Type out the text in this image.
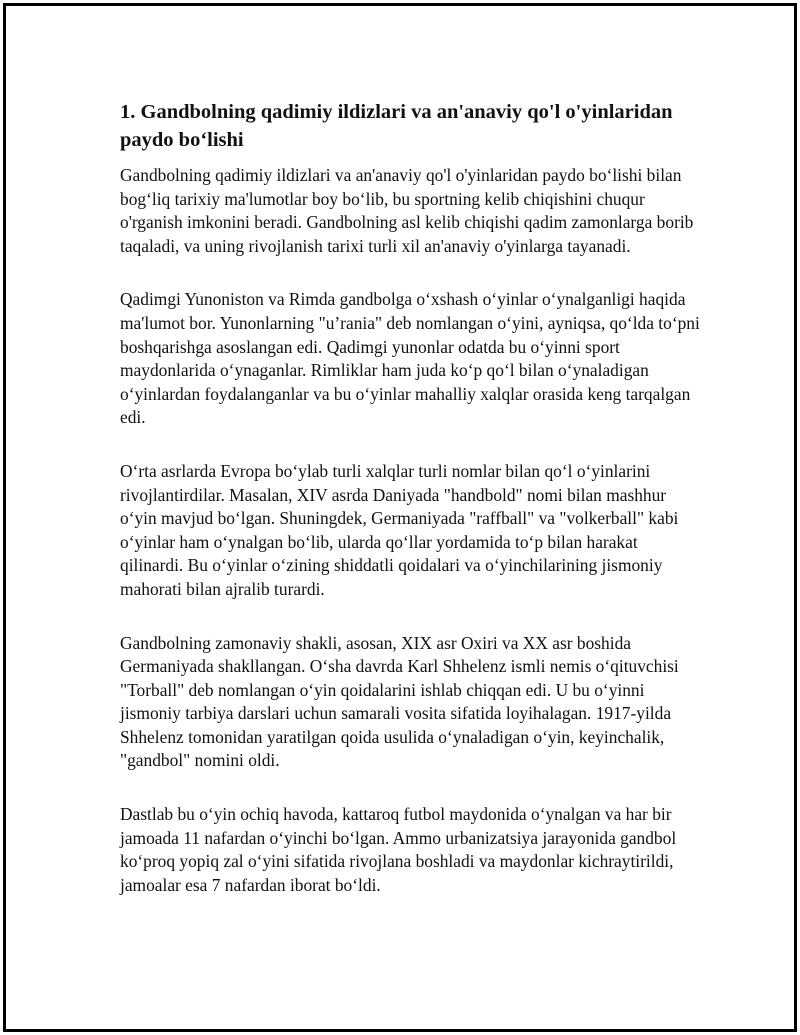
1. Gandbolning qadimiy ildizlari va an'anaviy qo'l o'yinlaridan paydo bo‘lishi

Gandbolning qadimiy ildizlari va an'anaviy qo'l o'yinlaridan paydo bo‘lishi bilan bog‘liq tarixiy ma'lumotlar boy bo‘lib, bu sportning kelib chiqishini chuqur o'rganish imkonini beradi. Gandbolning asl kelib chiqishi qadim zamonlarga borib taqaladi, va uning rivojlanish tarixi turli xil an'anaviy o'yinlarga tayanadi.

Qadimgi Yunoniston va Rimda gandbolga o‘xshash o‘yinlar o‘ynalganligi haqida ma'lumot bor. Yunonlarning "u’rania" deb nomlangan o‘yini, ayniqsa, qo‘lda to‘pni boshqarishga asoslangan edi. Qadimgi yunonlar odatda bu o‘yinni sport maydonlarida o‘ynaganlar. Rimliklar ham juda ko‘p qo‘l bilan o‘ynaladigan o‘yinlardan foydalanganlar va bu o‘yinlar mahalliy xalqlar orasida keng tarqalgan edi.

O‘rta asrlarda Evropa bo‘ylab turli xalqlar turli nomlar bilan qo‘l o‘yinlarini rivojlantirdilar. Masalan, XIV asrda Daniyada "handbold" nomi bilan mashhur o‘yin mavjud bo‘lgan. Shuningdek, Germaniyada "raffball" va "volkerball" kabi o‘yinlar ham o‘ynalgan bo‘lib, ularda qo‘llar yordamida to‘p bilan harakat qilinardi. Bu o‘yinlar o‘zining shiddatli qoidalari va o‘yinchilarining jismoniy mahorati bilan ajralib turardi.

Gandbolning zamonaviy shakli, asosan, XIX asr Oxiri va XX asr boshida Germaniyada shakllangan. O‘sha davrda Karl Shhelenz ismli nemis o‘qituvchisi "Torball" deb nomlangan o‘yin qoidalarini ishlab chiqqan edi. U bu o‘yinni jismoniy tarbiya darslari uchun samarali vosita sifatida loyihalagan. 1917-yilda Shhelenz tomonidan yaratilgan qoida usulida o‘ynaladigan o‘yin, keyinchalik, "gandbol" nomini oldi.

Dastlab bu o‘yin ochiq havoda, kattaroq futbol maydonida o‘ynalgan va har bir jamoada 11 nafardan o‘yinchi bo‘lgan. Ammo urbanizatsiya jarayonida gandbol ko‘proq yopiq zal o‘yini sifatida rivojlana boshladi va maydonlar kichraytirildi, jamoalar esa 7 nafardan iborat bo‘ldi.
